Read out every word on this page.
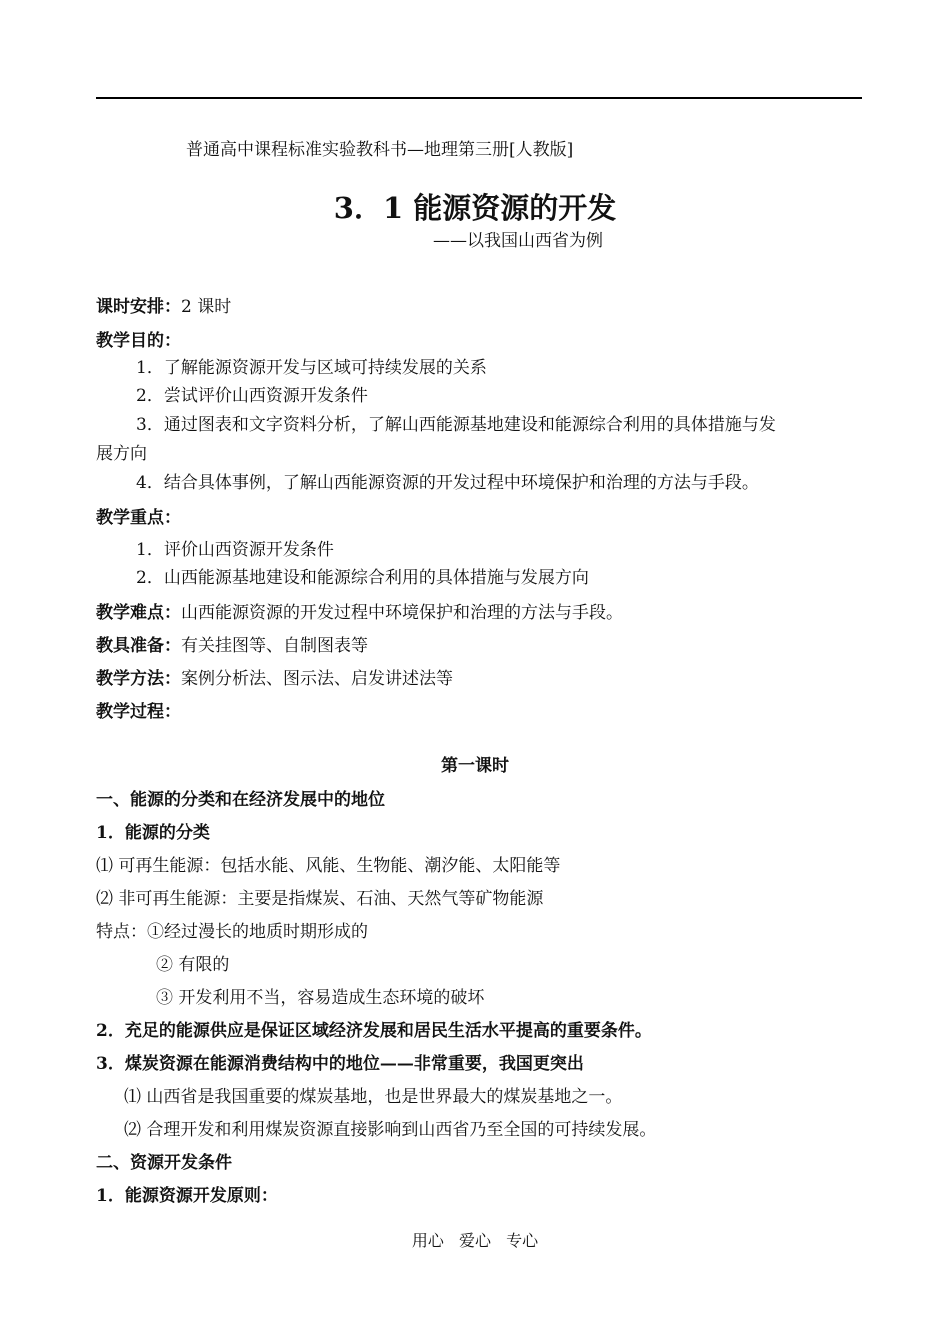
普通高中课程标准实验教科书—地理第三册[人教版]
3．1 能源资源的开发
——以我国山西省为例
课时安排：2 课时
教学目的：
1．了解能源资源开发与区域可持续发展的关系
2．尝试评价山西资源开发条件
3．通过图表和文字资料分析，了解山西能源基地建设和能源综合利用的具体措施与发
展方向
4．结合具体事例，了解山西能源资源的开发过程中环境保护和治理的方法与手段。
教学重点：
1．评价山西资源开发条件
2．山西能源基地建设和能源综合利用的具体措施与发展方向
教学难点：山西能源资源的开发过程中环境保护和治理的方法与手段。
教具准备：有关挂图等、自制图表等
教学方法：案例分析法、图示法、启发讲述法等
教学过程：
第一课时
一、能源的分类和在经济发展中的地位
1．能源的分类
⑴ 可再生能源：包括水能、风能、生物能、潮汐能、太阳能等
⑵ 非可再生能源：主要是指煤炭、石油、天然气等矿物能源
特点：①经过漫长的地质时期形成的
② 有限的
③ 开发利用不当，容易造成生态环境的破坏
2．充足的能源供应是保证区域经济发展和居民生活水平提高的重要条件。
3．煤炭资源在能源消费结构中的地位——非常重要，我国更突出
⑴ 山西省是我国重要的煤炭基地，也是世界最大的煤炭基地之一。
⑵ 合理开发和利用煤炭资源直接影响到山西省乃至全国的可持续发展。
二、资源开发条件
1．能源资源开发原则：
用心 爱心 专心
